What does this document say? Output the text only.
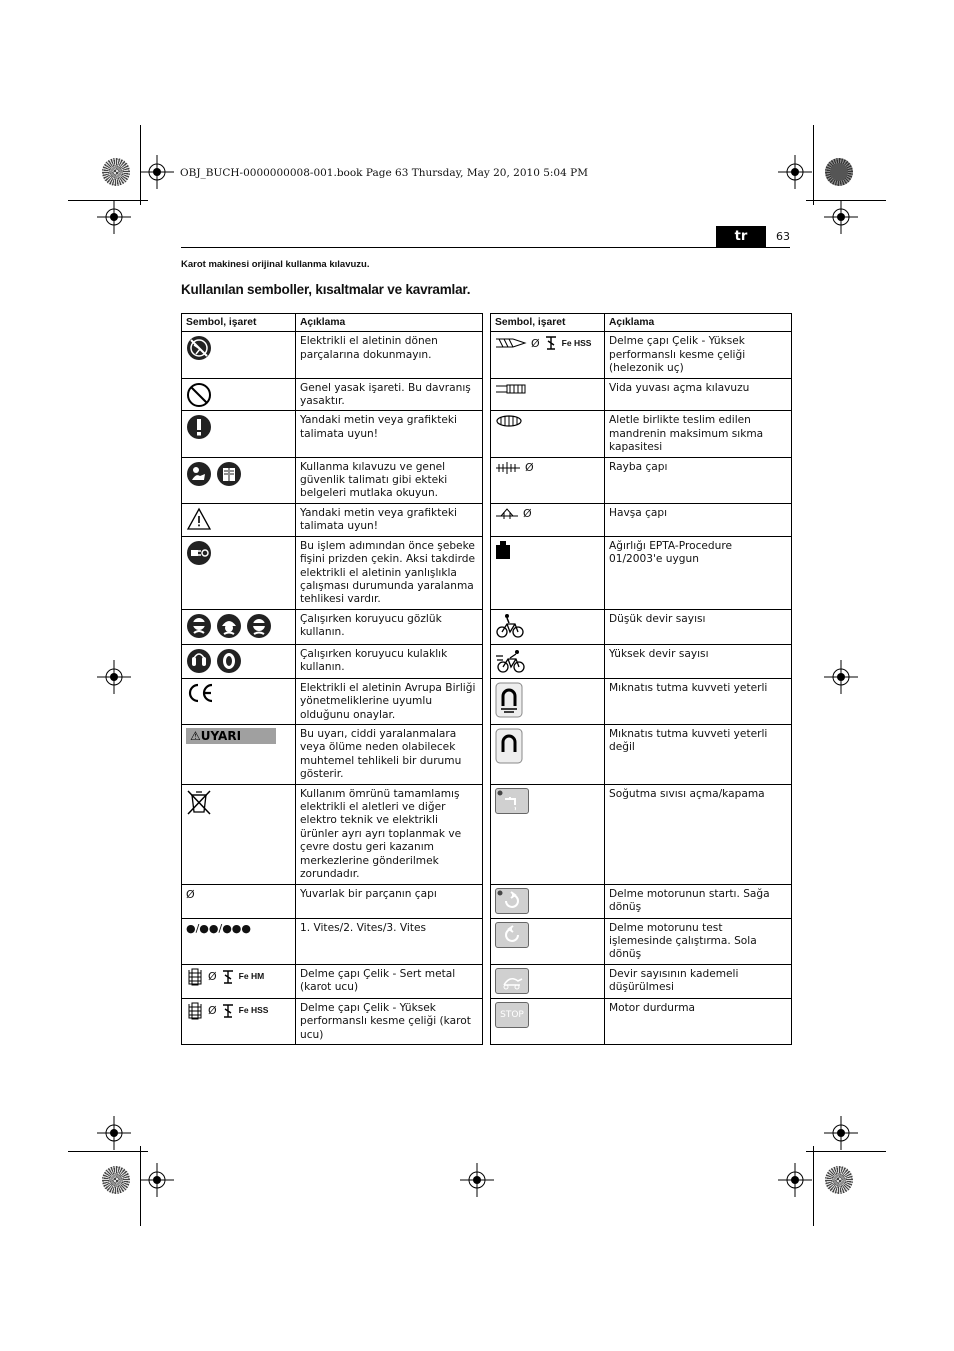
OBJ_BUCH-0000000008-001.book Page 63 Thursday, May 20, 2010 5:04 PM
tr	63
Karot makinesi orijinal kullanma kılavuzu.
Kullanılan semboller, kısaltmalar ve kavramlar.
Sembol, işaret	Açıklama		Sembol, işaret	Açıklama

	Elektrikli el aletinin dönen parçalarına dokunmayın.		Ø Fe HSS	Delme çapı Çelik - Yüksek performanslı kesme çeliği (helezonik uç)

	Genel yasak işareti. Bu davranış yasaktır.			Vida yuvası açma kılavuzu

	Yandaki metin veya grafikteki talimata uyun!			Aletle birlikte teslim edilen mandrenin maksimum sıkma kapasitesi

	Kullanma kılavuzu ve genel güvenlik talimatı gibi ekteki belgeleri mutlaka okuyun.		Ø	Rayba çapı

	Yandaki metin veya grafikteki talimata uyun!		Ø	Havşa çapı

	Bu işlem adımından önce şebeke fişini prizden çekin. Aksi takdirde elektrikli el aletinin yanlışlıkla çalışması durumunda yaralanma tehlikesi vardır.			Ağırlığı EPTA-Procedure 01/2003'e uygun

	Çalışırken koruyucu gözlük kullanın.			Düşük devir sayısı

	Çalışırken koruyucu kulaklık kullanın.			Yüksek devir sayısı

	Elektrikli el aletinin Avrupa Birliği yönetmeliklerine uyumlu olduğunu onaylar.			Mıknatıs tutma kuvveti yeterli

⚠UYARI	Bu uyarı, ciddi yaralanmalara veya ölüme neden olabilecek muhtemel tehlikeli bir durumu gösterir.			Mıknatıs tutma kuvveti yeterli değil

	Kullanım ömrünü tamamlamış elektrikli el aletleri ve diğer elektro teknik ve elektrikli ürünler ayrı ayrı toplanmak ve çevre dostu geri kazanım merkezlerine gönderilmek zorundadır.			Soğutma sıvısı açma/kapama

Ø	Yuvarlak bir parçanın çapı			Delme motorunun startı. Sağa dönüş

●/●●/●●●	1. Vites/2. Vites/3. Vites			Delme motorunu test işlemesinde çalıştırma. Sola dönüş

Ø Fe HM	Delme çapı Çelik - Sert metal (karot ucu)			Devir sayısının kademeli düşürülmesi

Ø Fe HSS	Delme çapı Çelik - Yüksek performanslı kesme çeliği (karot ucu)		STOP	Motor durdurma
